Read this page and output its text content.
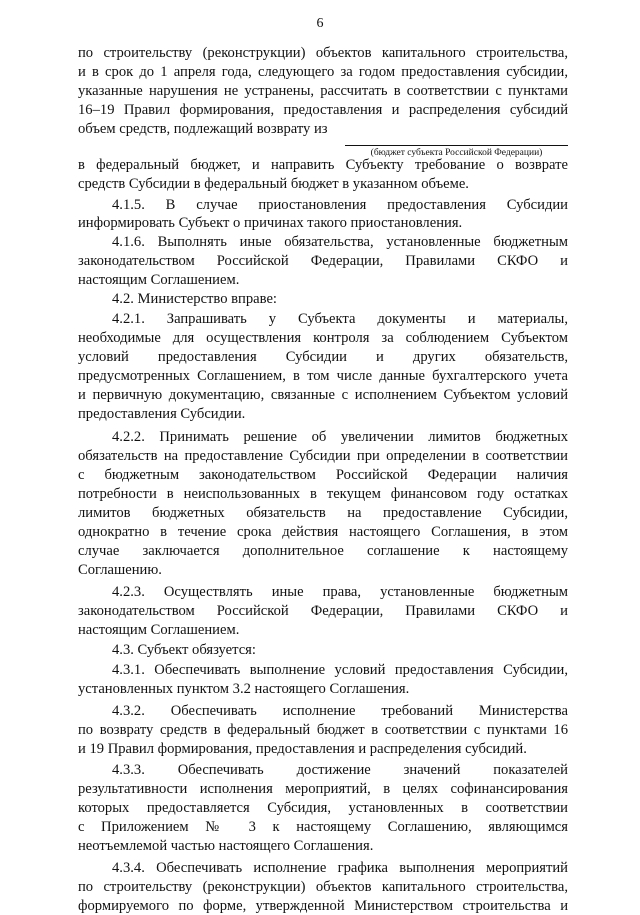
6
по строительству (реконструкции) объектов капитального строительства,
и в срок до 1 апреля года, следующего за годом предоставления субсидии,
указанные нарушения не устранены, рассчитать в соответствии с пунктами
16–19 Правил формирования, предоставления и распределения субсидий
объем средств, подлежащий возврату из
(бюджет субъекта Российской Федерации)
в федеральный бюджет, и направить Субъекту требование о возврате
средств Субсидии в федеральный бюджет в указанном объеме.
4.1.5. В случае приостановления предоставления Субсидии
информировать Субъект о причинах такого приостановления.
4.1.6. Выполнять иные обязательства, установленные бюджетным
законодательством Российской Федерации, Правилами СКФО и
настоящим Соглашением.
4.2. Министерство вправе:
4.2.1. Запрашивать у Субъекта документы и материалы,
необходимые для осуществления контроля за соблюдением Субъектом
условий предоставления Субсидии и других обязательств,
предусмотренных Соглашением, в том числе данные бухгалтерского учета
и первичную документацию, связанные с исполнением Субъектом условий
предоставления Субсидии.
4.2.2. Принимать решение об увеличении лимитов бюджетных
обязательств на предоставление Субсидии при определении в соответствии
с бюджетным законодательством Российской Федерации наличия
потребности в неиспользованных в текущем финансовом году остатках
лимитов бюджетных обязательств на предоставление Субсидии,
однократно в течение срока действия настоящего Соглашения, в этом
случае заключается дополнительное соглашение к настоящему
Соглашению.
4.2.3. Осуществлять иные права, установленные бюджетным
законодательством Российской Федерации, Правилами СКФО и
настоящим Соглашением.
4.3. Субъект обязуется:
4.3.1. Обеспечивать выполнение условий предоставления Субсидии,
установленных пунктом 3.2 настоящего Соглашения.
4.3.2. Обеспечивать исполнение требований Министерства
по возврату средств в федеральный бюджет в соответствии с пунктами 16
и 19 Правил формирования, предоставления и распределения субсидий.
4.3.3. Обеспечивать достижение значений показателей
результативности исполнения мероприятий, в целях софинансирования
которых предоставляется Субсидия, установленных в соответствии
с Приложением № 3 к настоящему Соглашению, являющимся
неотъемлемой частью настоящего Соглашения.
4.3.4. Обеспечивать исполнение графика выполнения мероприятий
по строительству (реконструкции) объектов капитального строительства,
формируемого по форме, утвержденной Министерством строительства и
